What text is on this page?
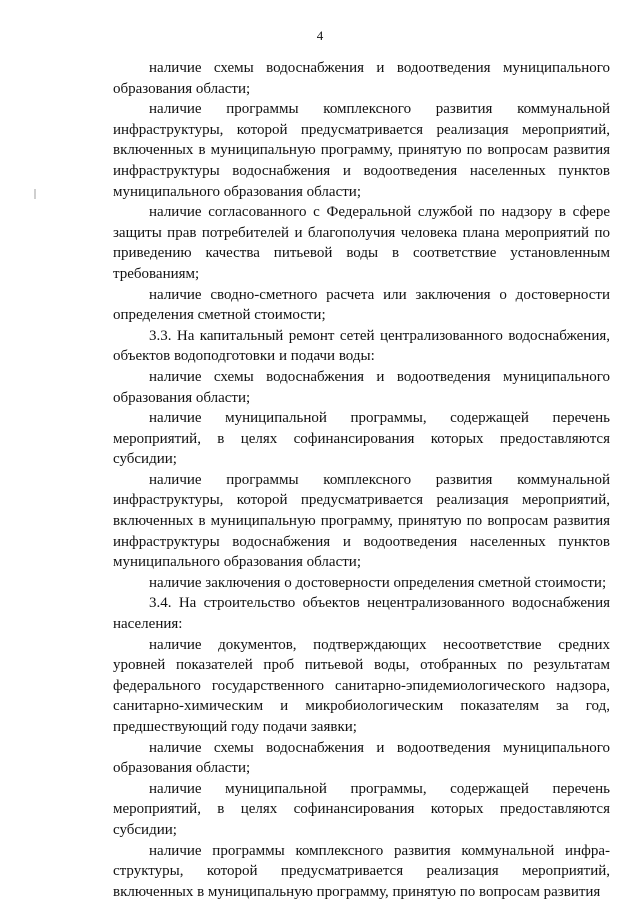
4

наличие схемы водоснабжения и водоотведения муниципального образования области;

наличие программы комплексного развития коммунальной инфраструктуры, которой предусматривается реализация мероприятий, включенных в муниципальную программу, принятую по вопросам развития инфраструктуры водоснабжения и водоотведения населенных пунктов муниципального образования области;

наличие согласованного с Федеральной службой по надзору в сфере защиты прав потребителей и благополучия человека плана мероприятий по приведению качества питьевой воды в соответствие установленным требованиям;

наличие сводно-сметного расчета или заключения о достоверности определения сметной стоимости;

3.3. На капитальный ремонт сетей централизованного водоснабжения, объектов водоподготовки и подачи воды:

наличие схемы водоснабжения и водоотведения муниципального образования области;

наличие муниципальной программы, содержащей перечень мероприятий, в целях софинансирования которых предоставляются субсидии;

наличие программы комплексного развития коммунальной инфраструктуры, которой предусматривается реализация мероприятий, включенных в муниципальную программу, принятую по вопросам развития инфраструктуры водоснабжения и водоотведения населенных пунктов муниципального образования области;

наличие заключения о достоверности определения сметной стоимости;

3.4. На строительство объектов нецентрализованного водоснабжения населения:

наличие документов, подтверждающих несоответствие средних уровней показателей проб питьевой воды, отобранных по результатам федерального государственного санитарно-эпидемиологического надзора, санитарно-химическим и микробиологическим показателям за год, предшествующий году подачи заявки;

наличие схемы водоснабжения и водоотведения муниципального образования области;

наличие муниципальной программы, содержащей перечень мероприятий, в целях софинансирования которых предоставляются субсидии;

наличие программы комплексного развития коммунальной инфраструктуры, которой предусматривается реализация мероприятий, включенных в муниципальную программу, принятую по вопросам развития
